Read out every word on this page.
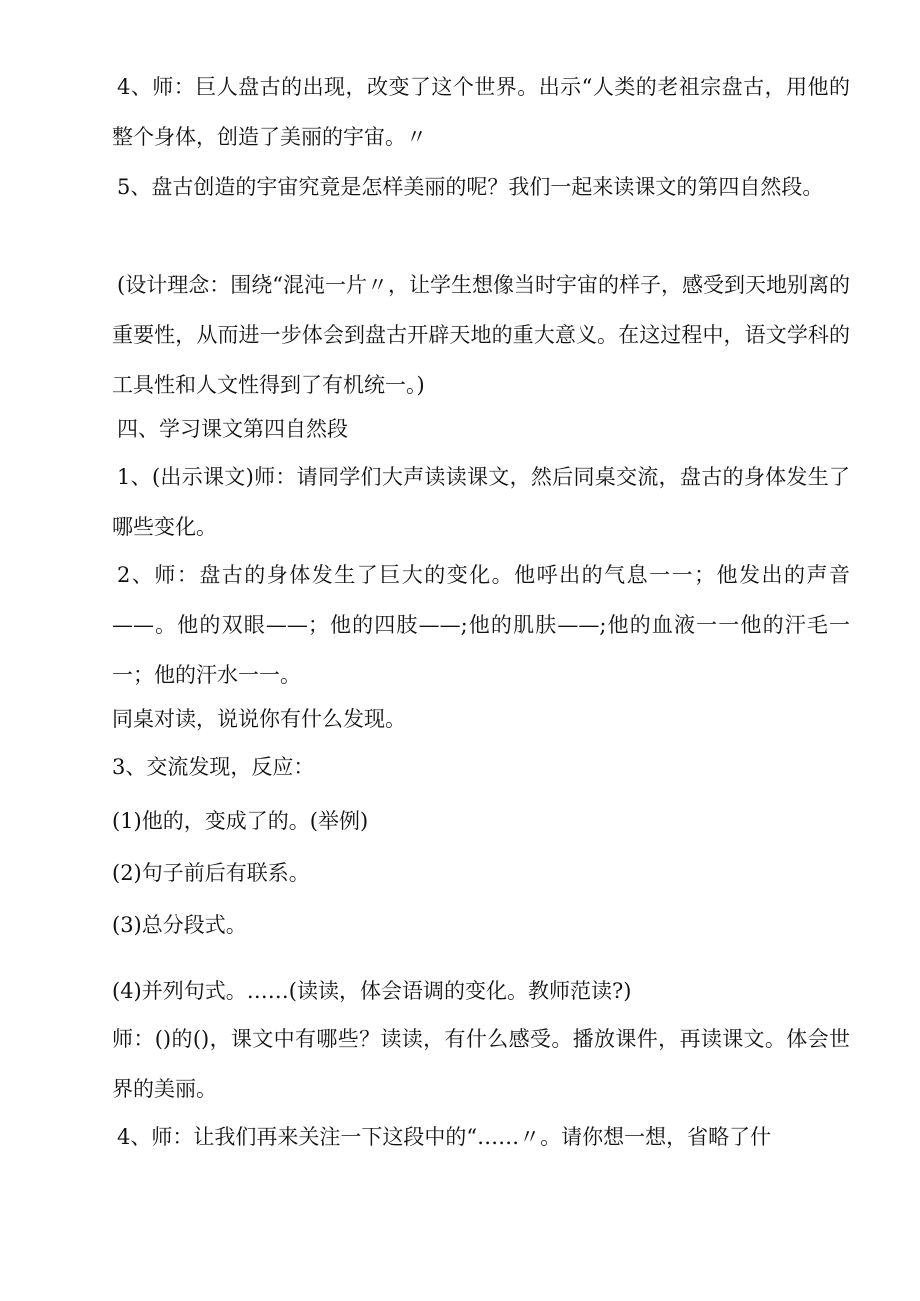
4、师：巨人盘古的出现，改变了这个世界。出示“人类的老祖宗盘古，用他的整个身体，创造了美丽的宇宙。〃

5、盘古创造的宇宙究竟是怎样美丽的呢？我们一起来读课文的第四自然段。

(设计理念：围绕“混沌一片〃，让学生想像当时宇宙的样子，感受到天地别离的重要性，从而进一步体会到盘古开辟天地的重大意义。在这过程中，语文学科的工具性和人文性得到了有机统一。)

四、学习课文第四自然段

1、(出示课文)师：请同学们大声读读课文，然后同桌交流，盘古的身体发生了哪些变化。

2、师：盘古的身体发生了巨大的变化。他呼出的气息一一；他发出的声音——。他的双眼——；他的四肢——;他的肌肤——;他的血液一一他的汗毛一一；他的汗水一一。

同桌对读，说说你有什么发现。

3、交流发现，反应：

(1)他的，变成了的。(举例)

(2)句子前后有联系。

(3)总分段式。

(4)并列句式。……(读读，体会语调的变化。教师范读?)

师：()的()，课文中有哪些？读读，有什么感受。播放课件，再读课文。体会世界的美丽。

4、师：让我们再来关注一下这段中的“……〃。请你想一想，省略了什
